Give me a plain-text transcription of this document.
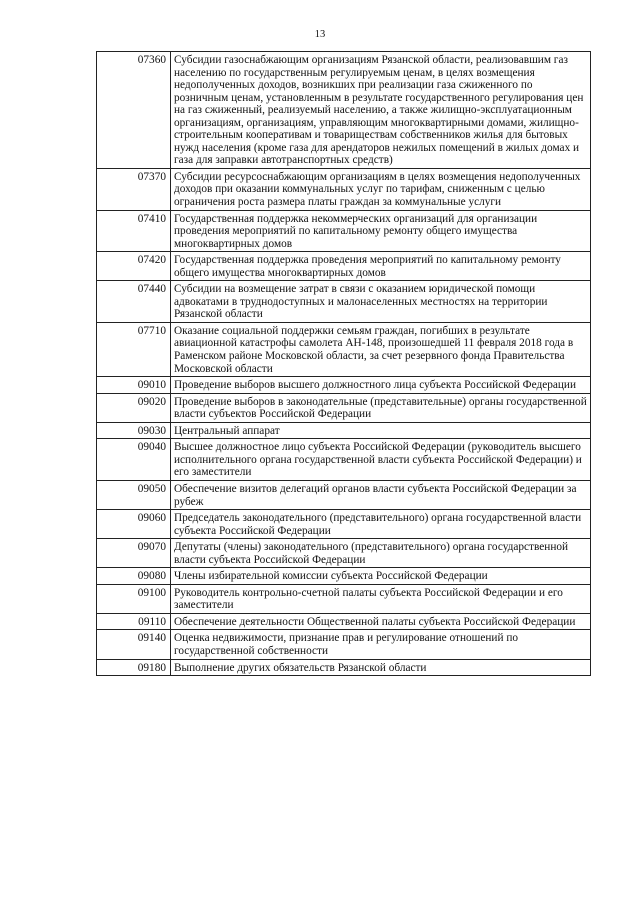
13
07360	Субсидии газоснабжающим организациям Рязанской области, реализовавшим газ населению по государственным регулируемым ценам, в целях возмещения недополученных доходов, возникших при реализации газа сжиженного по розничным ценам, установленным в результате государственного регулирования цен на газ сжиженный, реализуемый населению, а также жилищно-эксплуатационным организациям, организациям, управляющим многоквартирными домами, жилищно-строительным кооперативам и товариществам собственников жилья для бытовых нужд населения (кроме газа для арендаторов нежилых помещений в жилых домах и газа для заправки автотранспортных средств)
07370	Субсидии ресурсоснабжающим организациям в целях возмещения недополученных доходов при оказании коммунальных услуг по тарифам, сниженным с целью ограничения роста размера платы граждан за коммунальные услуги
07410	Государственная поддержка некоммерческих организаций для организации проведения мероприятий по капитальному ремонту общего имущества многоквартирных домов
07420	Государственная поддержка проведения мероприятий по капитальному ремонту общего имущества многоквартирных домов
07440	Субсидии на возмещение затрат в связи с оказанием юридической помощи адвокатами в труднодоступных и малонаселенных местностях на территории Рязанской области
07710	Оказание социальной поддержки семьям граждан, погибших в результате авиационной катастрофы самолета АН-148, произошедшей 11 февраля 2018 года в Раменском районе Московской области, за счет резервного фонда Правительства Московской области
09010	Проведение выборов высшего должностного лица субъекта Российской Федерации
09020	Проведение выборов в законодательные (представительные) органы государственной власти субъектов Российской Федерации
09030	Центральный аппарат
09040	Высшее должностное лицо субъекта Российской Федерации (руководитель высшего исполнительного органа государственной власти субъекта Российской Федерации) и его заместители
09050	Обеспечение визитов делегаций органов власти субъекта Российской Федерации за рубеж
09060	Председатель законодательного (представительного) органа государственной власти субъекта Российской Федерации
09070	Депутаты (члены) законодательного (представительного) органа государственной власти субъекта Российской Федерации
09080	Члены избирательной комиссии субъекта Российской Федерации
09100	Руководитель контрольно-счетной палаты субъекта Российской Федерации и его заместители
09110	Обеспечение деятельности Общественной палаты субъекта Российской Федерации
09140	Оценка недвижимости, признание прав и регулирование отношений по государственной собственности
09180	Выполнение других обязательств Рязанской области
